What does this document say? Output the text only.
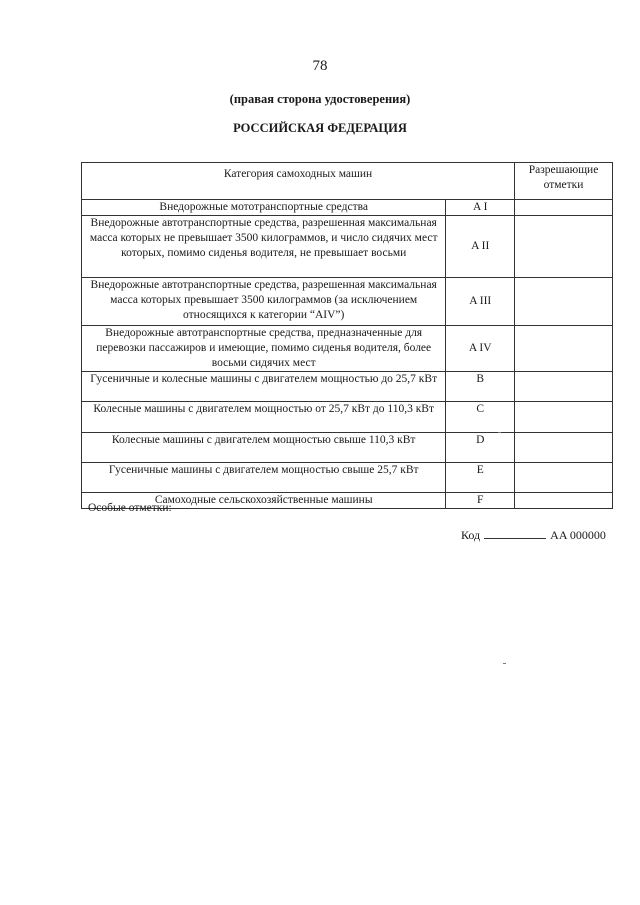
78
(правая сторона удостоверения)
РОССИЙСКАЯ ФЕДЕРАЦИЯ
Категория самоходных машин		Разрешающие отметки
Внедорожные мототранспортные средства	A I	
Внедорожные автотранспортные средства, разрешенная максимальная масса которых не превышает 3500 килограммов, и число сидячих мест которых, помимо сиденья водителя, не превышает восьми	A II	
Внедорожные автотранспортные средства, разрешенная максимальная масса которых превышает 3500 килограммов (за исключением относящихся к категории “AIV”)	A III	
Внедорожные автотранспортные средства, предназначенные для перевозки пассажиров и имеющие, помимо сиденья водителя, более восьми сидячих мест	A IV	
Гусеничные и колесные машины с двигателем мощностью до 25,7 кВт	B	
Колесные машины с двигателем мощностью от 25,7 кВт до 110,3 кВт	C	
Колесные машины с двигателем мощностью свыше 110,3 кВт	D	
Гусеничные машины с двигателем мощностью свыше 25,7 кВт	E	
Самоходные сельскохозяйственные машины	F	
Особые отметки:
Код	AA 000000
